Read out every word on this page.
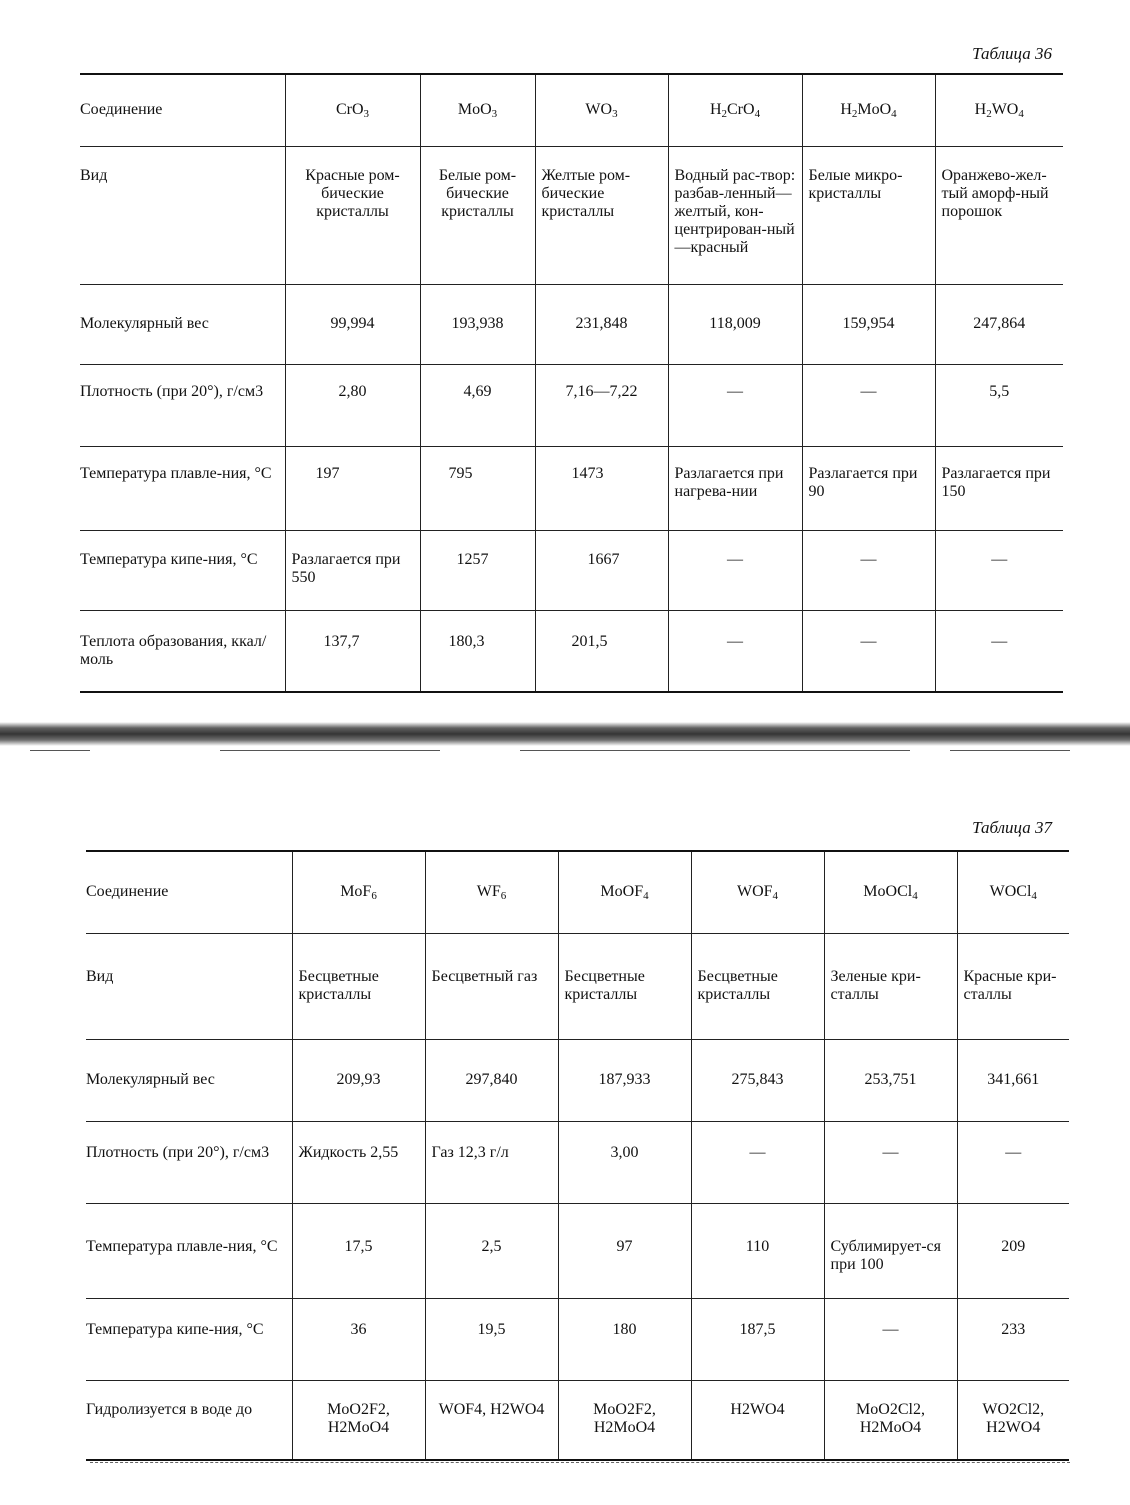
Таблица 36
Соединение	CrO$_3$	MoO$_3$	$WO_3$	$H_2CrO_4$	$H_2MoO_4$	$H_2WO_4$
Вид	Красные ром-бические кристаллы	Белые ром-бические кристаллы	Желтые ром-бические кристаллы	Водный рас-твор: разбав-ленный—желтый, кон-центрирован-ный—красный	Белые микро-кристаллы	Оранжево-жел-тый аморф-ный порошок
Молекулярный вес	99,994	193,938	231,848	118,009	159,954	247,864
Плотность (при 20°), г/см3	2,80	4,69	7,16—7,22	—	—	5,5
Температура плавле-ния, °С	197	795	1473	Разлагается при нагрева-нии	Разлагается при 90	Разлагается при 150
Температура кипе-ния, °С	Разлагается при 550	1257	1667	—	—	—
Теплота образования, ккал/моль	137,7	180,3	201,5	—	—	—
Таблица 37
Соединение	MoF$_6$	$WF_6$	MoOF$_4$	$WOF_4$	MoOCl$_4$	WOCl$_4$
Вид	Бесцветные кристаллы	Бесцветный газ	Бесцветные кристаллы	Бесцветные кристаллы	Зеленые кри-сталлы	Красные кри-сталлы
Молекулярный вес	209,93	297,840	187,933	275,843	253,751	341,661
Плотность (при 20°), г/см3	Жидкость 2,55	Газ 12,3 г/л	3,00	—	—	—
Температура плавле-ния, °С	17,5	2,5	97	110	Сублимирует-ся при 100	209
Температура кипе-ния, °С	36	19,5	180	187,5	—	233
Гидролизуется в воде до	MoO2F2, H2MoO4	WOF4, H2WO4	MoO2F2, H2MoO4	H2WO4	MoO2Cl2, H2MoO4	WO2Cl2, H2WO4
